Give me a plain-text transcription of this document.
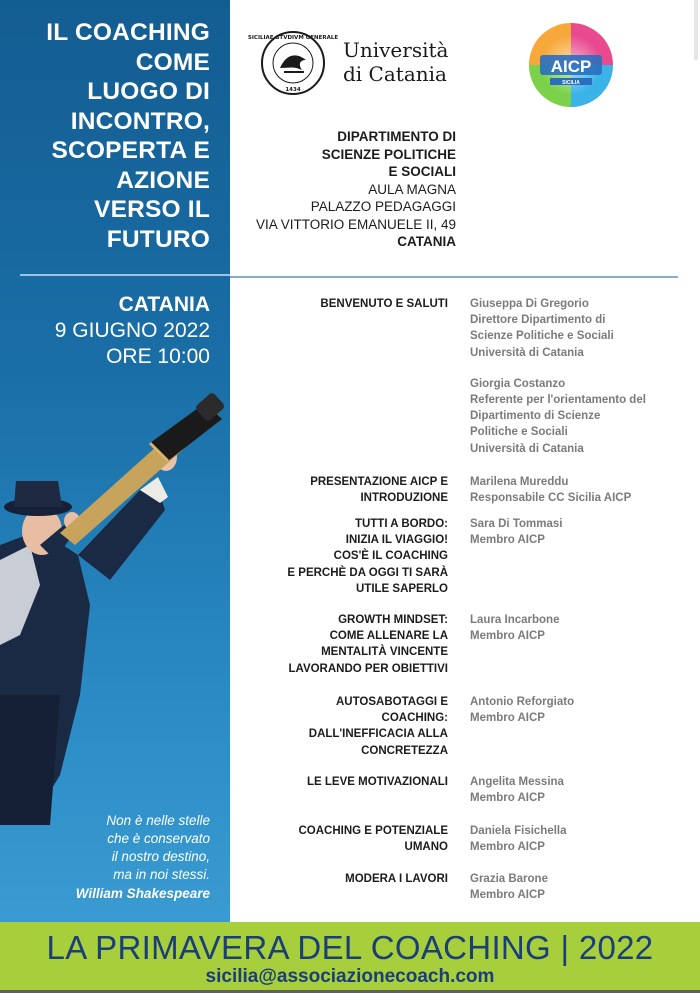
IL COACHING
COME
LUOGO DI
INCONTRO,
SCOPERTA E
AZIONE
VERSO IL
FUTURO
CATANIA
9 GIUGNO 2022
ORE 10:00
Non è nelle stelle
che è conservato
il nostro destino,
ma in noi stessi.
William Shakespeare
SICILIAE STVDIVM GENERALE
1434
Università
di Catania	AICP
SICILIA
DIPARTIMENTO DI
SCIENZE POLITICHE
E SOCIALI
AULA MAGNA
PALAZZO PEDAGAGGI
VIA VITTORIO EMANUELE II, 49
CATANIA
BENVENUTO E SALUTI Giuseppa Di Gregorio
Direttore Dipartimento di
Scienze Politiche e Sociali
Università di Catania
Giorgia Costanzo
Referente per l'orientamento del
Dipartimento di Scienze
Politiche e Sociali
Università di Catania
PRESENTAZIONE AICP E
INTRODUZIONE
Marilena Mureddu
Responsabile CC Sicilia AICP
TUTTI A BORDO:
INIZIA IL VIAGGIO!
COS'È IL COACHING
E PERCHÈ DA OGGI TI SARÀ
UTILE SAPERLO
Sara Di Tommasi
Membro AICP
GROWTH MINDSET:
COME ALLENARE LA
MENTALITÀ VINCENTE
LAVORANDO PER OBIETTIVI
Laura Incarbone
Membro AICP
AUTOSABOTAGGI E
COACHING:
DALL'INEFFICACIA ALLA
CONCRETEZZA
Antonio Reforgiato
Membro AICP
LE LEVE MOTIVAZIONALI Angelita Messina
Membro AICP
COACHING E POTENZIALE
UMANO
Daniela Fisichella
Membro AICP
MODERA I LAVORI Grazia Barone
Membro AICP
LA PRIMAVERA DEL COACHING | 2022
sicilia@associazionecoach.com
